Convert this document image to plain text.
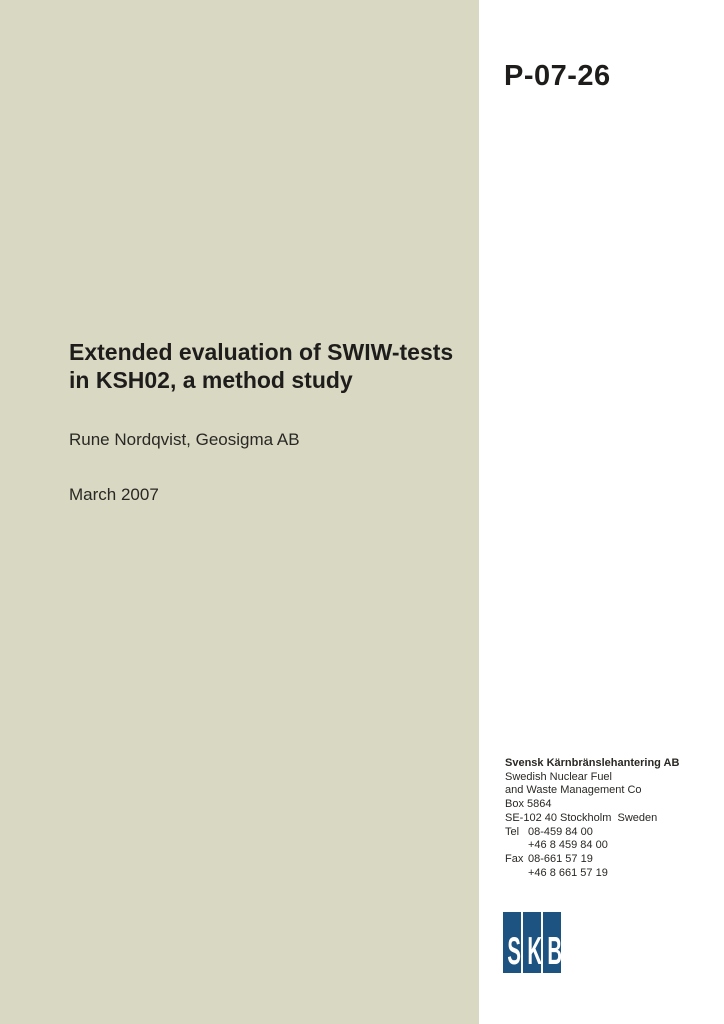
P-07-26
Extended evaluation of SWIW-tests
in KSH02, a method study
Rune Nordqvist, Geosigma AB
March 2007
Svensk Kärnbränslehantering AB
Swedish Nuclear Fuel
and Waste Management Co
Box 5864
SE-102 40 Stockholm  Sweden
Tel 08-459 84 00
+46 8 459 84 00
Fax 08-661 57 19
+46 8 661 57 19
S K B
